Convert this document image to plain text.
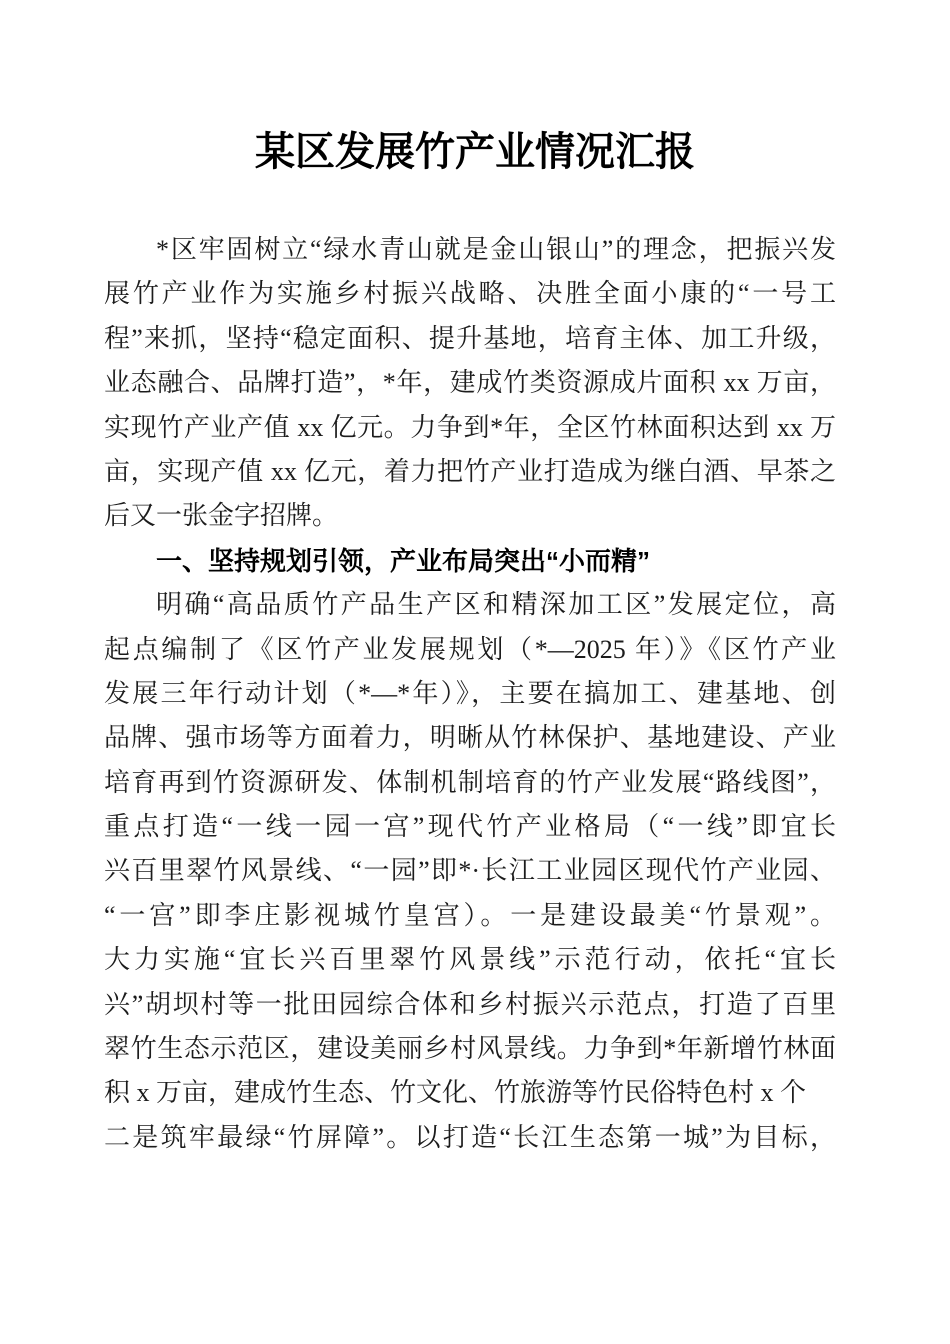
某区发展竹产业情况汇报
*区牢固树立“绿水青山就是金山银山”的理念，把振兴发
展竹产业作为实施乡村振兴战略、决胜全面小康的“一号工
程”来抓，坚持“稳定面积、提升基地，培育主体、加工升级，
业态融合、品牌打造”，*年，建成竹类资源成片面积 xx 万亩，
实现竹产业产值 xx 亿元。力争到*年，全区竹林面积达到 xx 万
亩，实现产值 xx 亿元，着力把竹产业打造成为继白酒、早茶之
后又一张金字招牌。
一、坚持规划引领，产业布局突出“小而精”
明确“高品质竹产品生产区和精深加工区”发展定位，高
起点编制了《区竹产业发展规划（*—2025 年）》《区竹产业
发展三年行动计划（*—*年）》，主要在搞加工、建基地、创
品牌、强市场等方面着力，明晰从竹林保护、基地建设、产业
培育再到竹资源研发、体制机制培育的竹产业发展“路线图”，
重点打造“一线一园一宫”现代竹产业格局（“一线”即宜长
兴百里翠竹风景线、“一园”即*·长江工业园区现代竹产业园、
“一宫”即李庄影视城竹皇宫）。一是建设最美“竹景观”。
大力实施“宜长兴百里翠竹风景线”示范行动，依托“宜长
兴”胡坝村等一批田园综合体和乡村振兴示范点，打造了百里
翠竹生态示范区，建设美丽乡村风景线。力争到*年新增竹林面
积 x 万亩，建成竹生态、竹文化、竹旅游等竹民俗特色村 x 个
二是筑牢最绿“竹屏障”。以打造“长江生态第一城”为目标，
